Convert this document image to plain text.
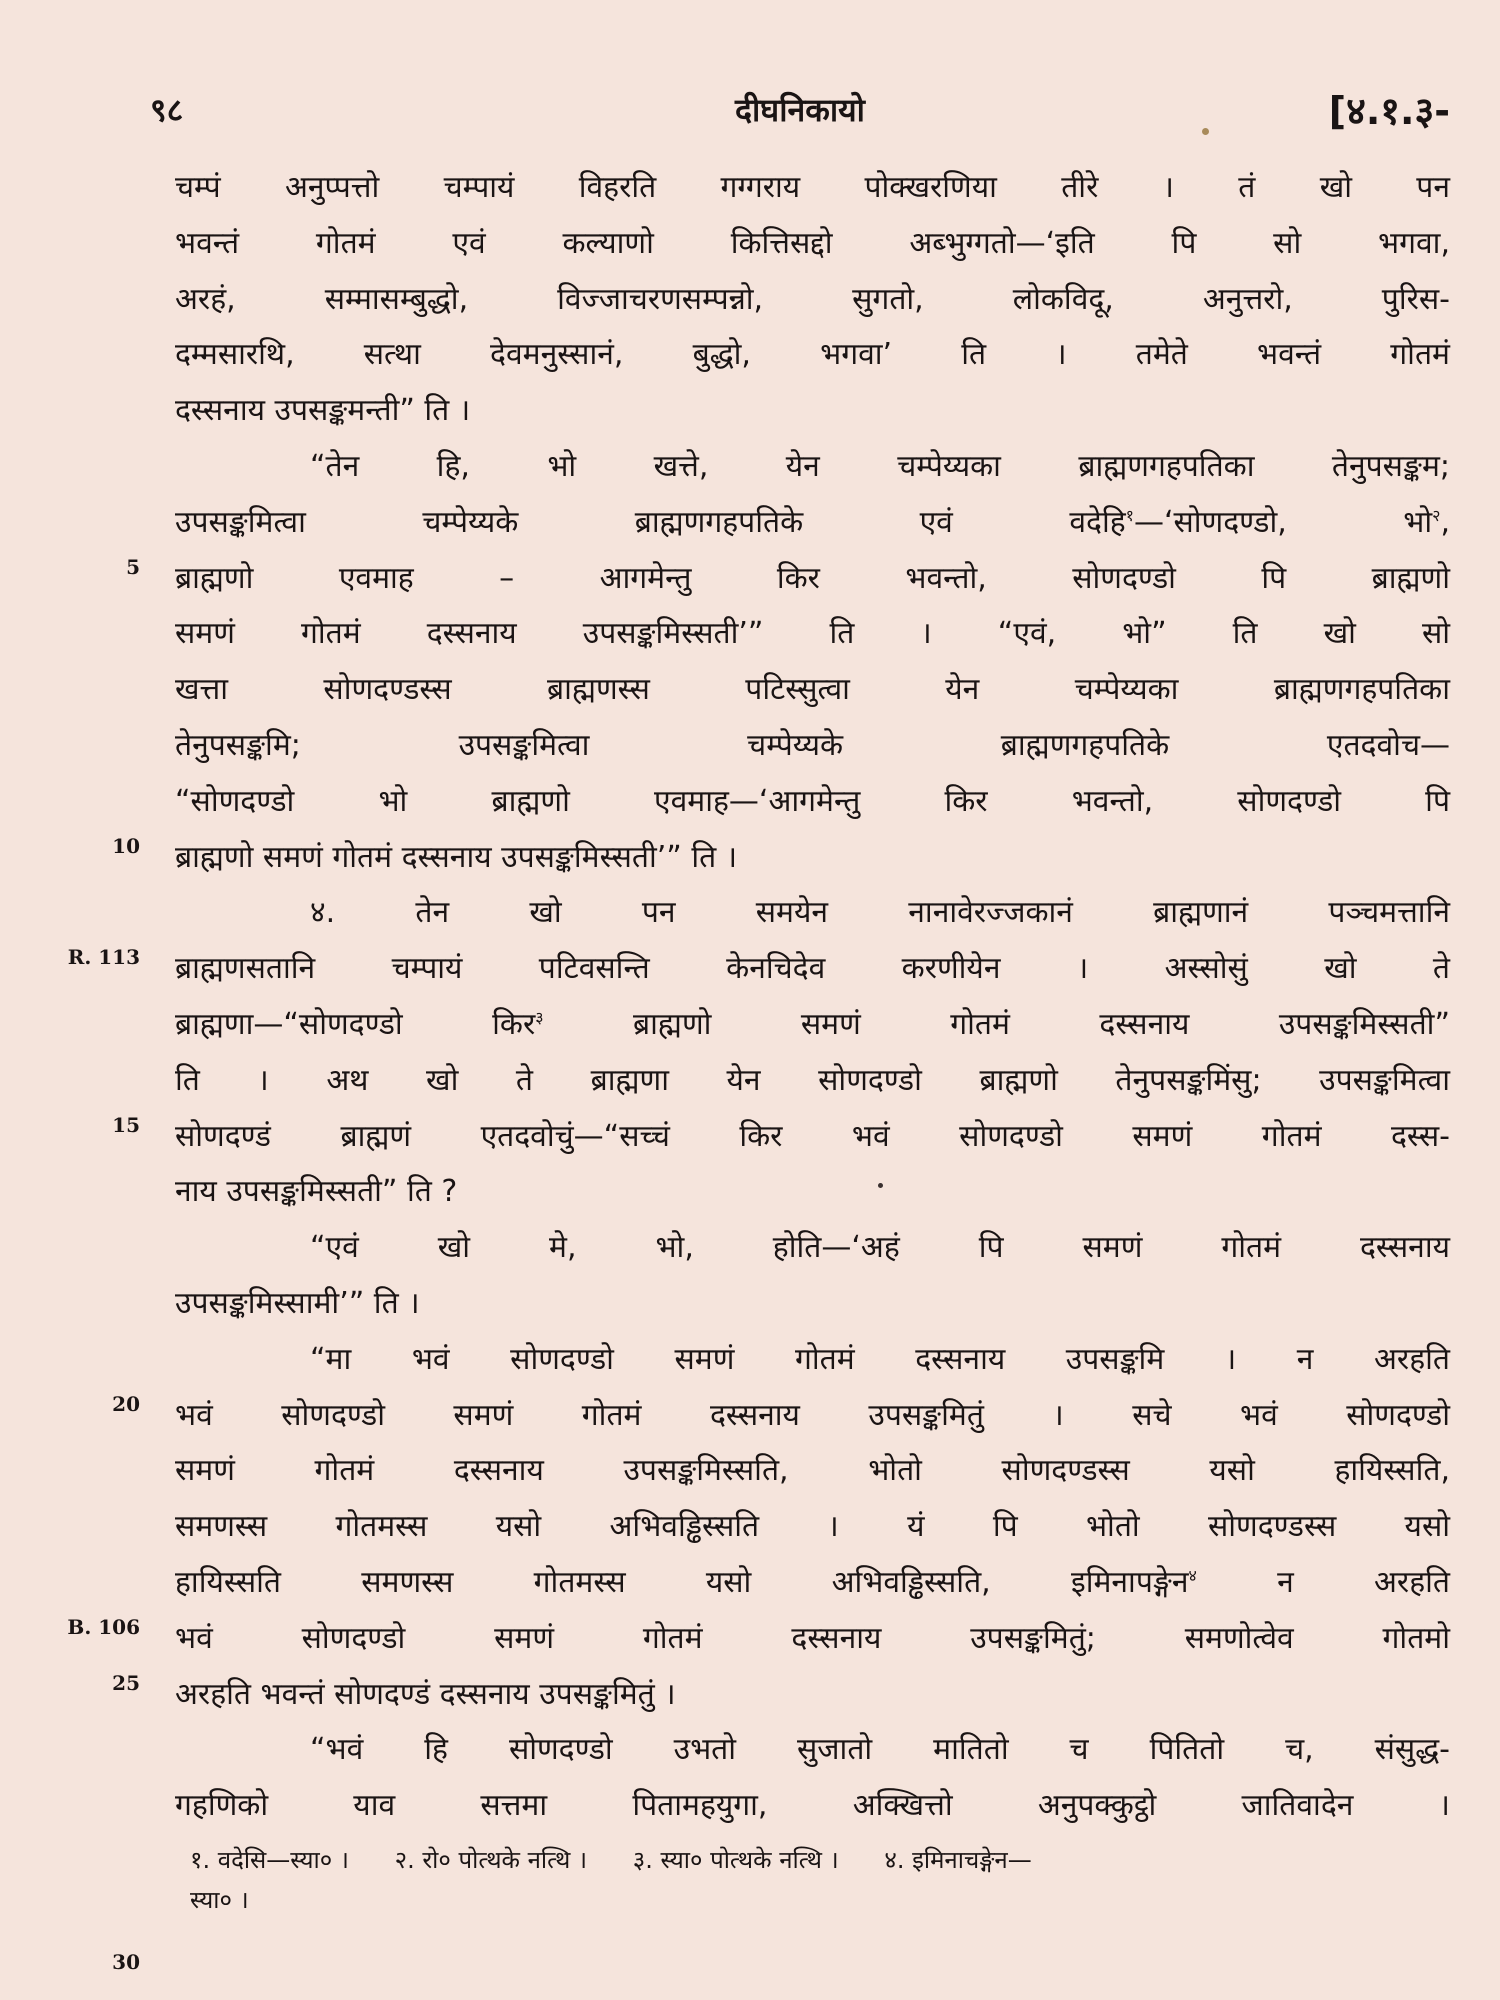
९८	दीघनिकायो	[४.१.३-
5
10
R. 113
15
20
B. 106
25
30
चम्पं अनुप्पत्तो चम्पायं विहरति गग्गराय पोक्खरणिया तीरे । तं खो पन
भवन्तं गोतमं एवं कल्याणो कित्तिसद्दो अब्भुग्गतो—‘इति पि सो भगवा,
अरहं, सम्मासम्बुद्धो, विज्जाचरणसम्पन्नो, सुगतो, लोकविदू, अनुत्तरो, पुरिस-
दम्मसारथि, सत्था देवमनुस्सानं, बुद्धो, भगवा’ ति । तमेते भवन्तं गोतमं
दस्सनाय उपसङ्कमन्ती” ति ।
“तेन हि, भो खत्ते, येन चम्पेय्यका ब्राह्मणगहपतिका तेनुपसङ्कम;
उपसङ्कमित्वा चम्पेय्यके ब्राह्मणगहपतिके एवं वदेहि$^१$—‘सोणदण्डो, भो$^२$,
ब्राह्मणो एवमाह – आगमेन्तु किर भवन्तो, सोणदण्डो पि ब्राह्मणो
समणं गोतमं दस्सनाय उपसङ्कमिस्सती’” ति । “एवं, भो” ति खो सो
खत्ता सोणदण्डस्स ब्राह्मणस्स पटिस्सुत्वा येन चम्पेय्यका ब्राह्मणगहपतिका
तेनुपसङ्कमि; उपसङ्कमित्वा चम्पेय्यके ब्राह्मणगहपतिके एतदवोच—
“सोणदण्डो भो ब्राह्मणो एवमाह—‘आगमेन्तु किर भवन्तो, सोणदण्डो पि
ब्राह्मणो समणं गोतमं दस्सनाय उपसङ्कमिस्सती’” ति ।
४. तेन खो पन समयेन नानावेरज्जकानं ब्राह्मणानं पञ्चमत्तानि
ब्राह्मणसतानि चम्पायं पटिवसन्ति केनचिदेव करणीयेन । अस्सोसुं खो ते
ब्राह्मणा—“सोणदण्डो किर$^३$ ब्राह्मणो समणं गोतमं दस्सनाय उपसङ्कमिस्सती”
ति । अथ खो ते ब्राह्मणा येन सोणदण्डो ब्राह्मणो तेनुपसङ्कमिंसु; उपसङ्कमित्वा
सोणदण्डं ब्राह्मणं एतदवोचुं—“सच्चं किर भवं सोणदण्डो समणं गोतमं दस्स-
नाय उपसङ्कमिस्सती” ति ?
“एवं खो मे, भो, होति—‘अहं पि समणं गोतमं दस्सनाय
उपसङ्कमिस्सामी’” ति ।
“मा भवं सोणदण्डो समणं गोतमं दस्सनाय उपसङ्कमि । न अरहति
भवं सोणदण्डो समणं गोतमं दस्सनाय उपसङ्कमितुं । सचे भवं सोणदण्डो
समणं गोतमं दस्सनाय उपसङ्कमिस्सति, भोतो सोणदण्डस्स यसो हायिस्सति,
समणस्स गोतमस्स यसो अभिवड्ढिस्सति । यं पि भोतो सोणदण्डस्स यसो
हायिस्सति समणस्स गोतमस्स यसो अभिवड्ढिस्सति, इमिनापङ्गेन$^४$ न अरहति
भवं सोणदण्डो समणं गोतमं दस्सनाय उपसङ्कमितुं; समणोत्वेव गोतमो
अरहति भवन्तं सोणदण्डं दस्सनाय उपसङ्कमितुं ।
“भवं हि सोणदण्डो उभतो सुजातो मातितो च पितितो च, संसुद्ध-
गहणिको याव सत्तमा पितामहयुगा, अक्खित्तो अनुपक्कुट्ठो जातिवादेन ।
१. वदेसि—स्या० । २. रो० पोत्थके नत्थि । ३. स्या० पोत्थके नत्थि । ४. इमिनाचङ्गेन—
स्या० ।
